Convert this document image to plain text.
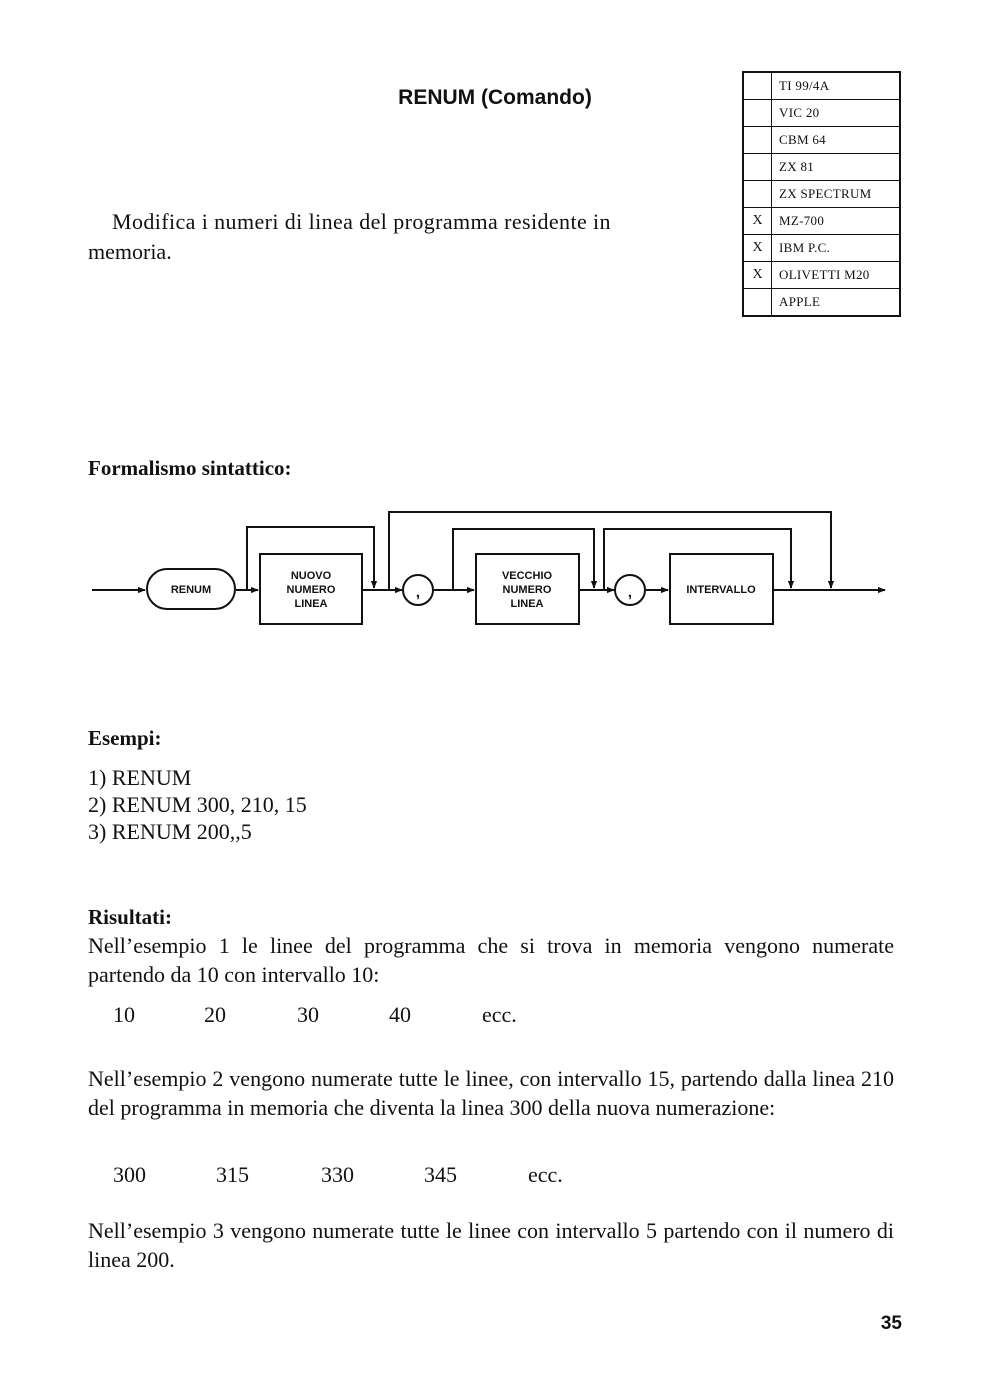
RENUM (Comando)
Modifica i numeri di linea del programma residente in
memoria.
	TI 99/4A
	VIC 20
	CBM 64
	ZX 81
	ZX SPECTRUM
X	MZ-700
X	IBM P.C.
X	OLIVETTI M20
	APPLE
Formalismo sintattico:
RENUM
NUOVO
NUMERO
LINEA
,
VECCHIO
NUMERO
LINEA
,	INTERVALLO
Esempi:
1) RENUM
2) RENUM 300, 210, 15
3) RENUM 200,,5
Risultati:
Nell’esempio 1 le linee del programma che si trova in memoria vengono numerate partendo da 10 con intervallo 10:
10	20	30	40	ecc.
Nell’esempio 2 vengono numerate tutte le linee, con intervallo 15, partendo dalla linea 210 del programma in memoria che diventa la linea 300 della nuova numerazione:
300	315	330	345	ecc.
Nell’esempio 3 vengono numerate tutte le linee con intervallo 5 partendo con il numero di linea 200.
35
